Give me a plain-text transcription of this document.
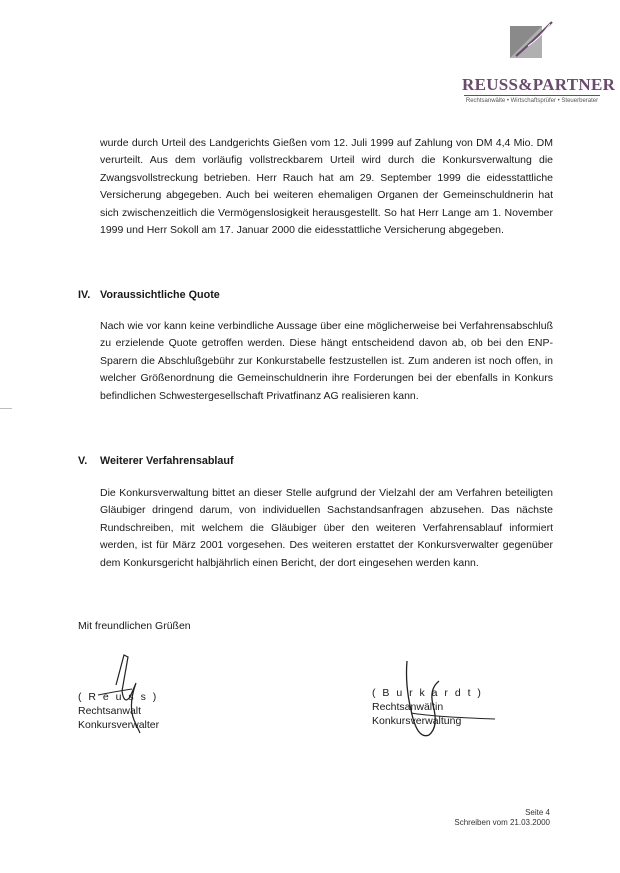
REUSS&PARTNER
Rechtsanwälte • Wirtschaftsprüfer • Steuerberater

wurde durch Urteil des Landgerichts Gießen vom 12. Juli 1999 auf Zahlung von DM 4,4 Mio. DM verurteilt. Aus dem vorläufig vollstreckbarem Urteil wird durch die Konkursverwaltung die Zwangsvollstreckung betrieben. Herr Rauch hat am 29. September 1999 die eidesstattliche Versicherung abgegeben. Auch bei weiteren ehemaligen Organen der Gemeinschuldnerin hat sich zwischenzeitlich die Vermögenslosigkeit herausgestellt. So hat Herr Lange am 1. November 1999 und Herr Sokoll am 17. Januar 2000 die eidesstattliche Versicherung abgegeben.

IV. Voraussichtliche Quote

Nach wie vor kann keine verbindliche Aussage über eine möglicherweise bei Verfahrensabschluß zu erzielende Quote getroffen werden. Diese hängt entscheidend davon ab, ob bei den ENP-Sparern die Abschlußgebühr zur Konkurstabelle festzustellen ist. Zum anderen ist noch offen, in welcher Größenordnung die Gemeinschuldnerin ihre Forderungen bei der ebenfalls in Konkurs befindlichen Schwestergesellschaft Privatfinanz AG realisieren kann.

V. Weiterer Verfahrensablauf

Die Konkursverwaltung bittet an dieser Stelle aufgrund der Vielzahl der am Verfahren beteiligten Gläubiger dringend darum, von individuellen Sachstandsanfragen abzusehen. Das nächste Rundschreiben, mit welchem die Gläubiger über den weiteren Verfahrensablauf informiert werden, ist für März 2001 vorgesehen. Des weiteren erstattet der Konkursverwalter gegenüber dem Konkursgericht halbjährlich einen Bericht, der dort eingesehen werden kann.

Mit freundlichen Grüßen
( R e u s s )
Rechtsanwalt
Konkursverwalter
( B u r k a r d t )
Rechtsanwältin
Konkursverwaltung
Seite 4
Schreiben vom 21.03.2000
